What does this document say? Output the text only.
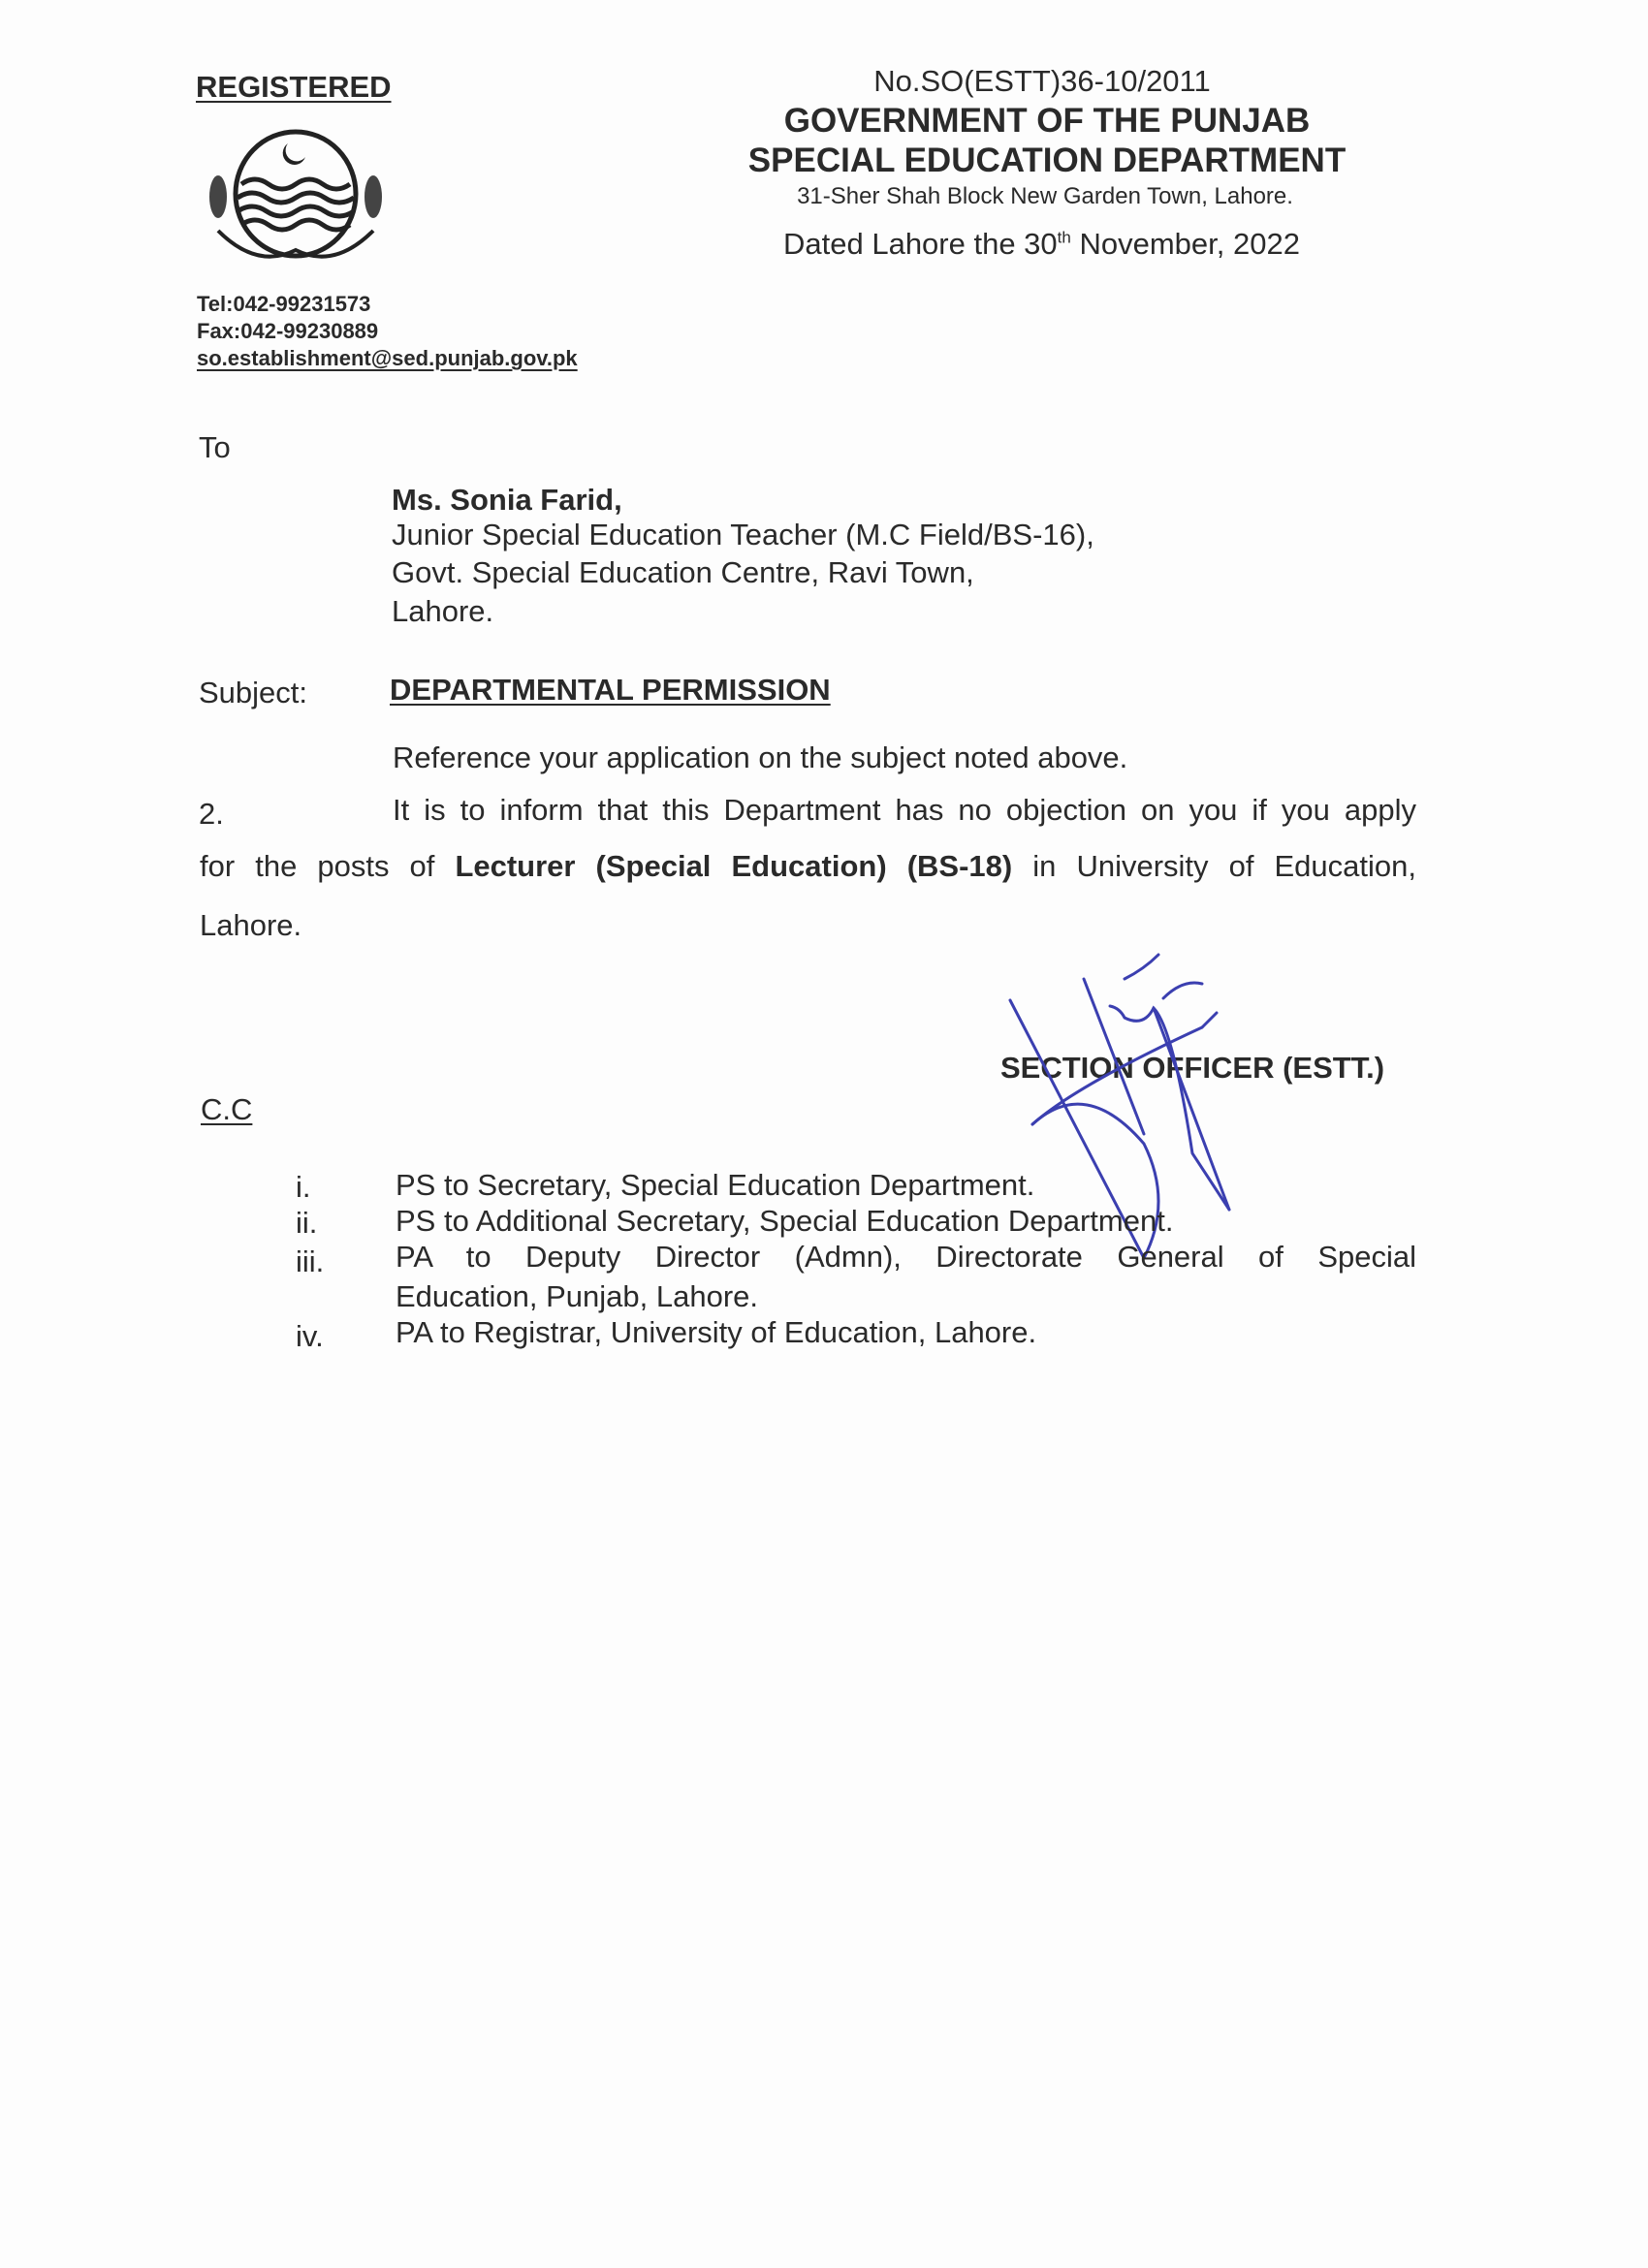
REGISTERED	No.SO(ESTT)36-10/2011
GOVERNMENT OF THE PUNJAB
SPECIAL EDUCATION DEPARTMENT
31-Sher Shah Block New Garden Town, Lahore.
Dated Lahore the 30th November, 2022
Tel:042-99231573
Fax:042-99230889
so.establishment@sed.punjab.gov.pk
To
Ms. Sonia Farid,
Junior Special Education Teacher (M.C Field/BS-16),
Govt. Special Education Centre, Ravi Town,
Lahore.
Subject:	DEPARTMENTAL PERMISSION
Reference your application on the subject noted above.
2.	It is to inform that this Department has no objection on you if you apply
for the posts of Lecturer (Special Education) (BS-18) in University of Education,
Lahore.
SECTION OFFICER (ESTT.)
C.C
i.	PS to Secretary, Special Education Department.
ii.	PS to Additional Secretary, Special Education Department.
iii. PA to Deputy Director (Admn), Directorate General of Special
Education, Punjab, Lahore.
iv. PA to Registrar, University of Education, Lahore.
